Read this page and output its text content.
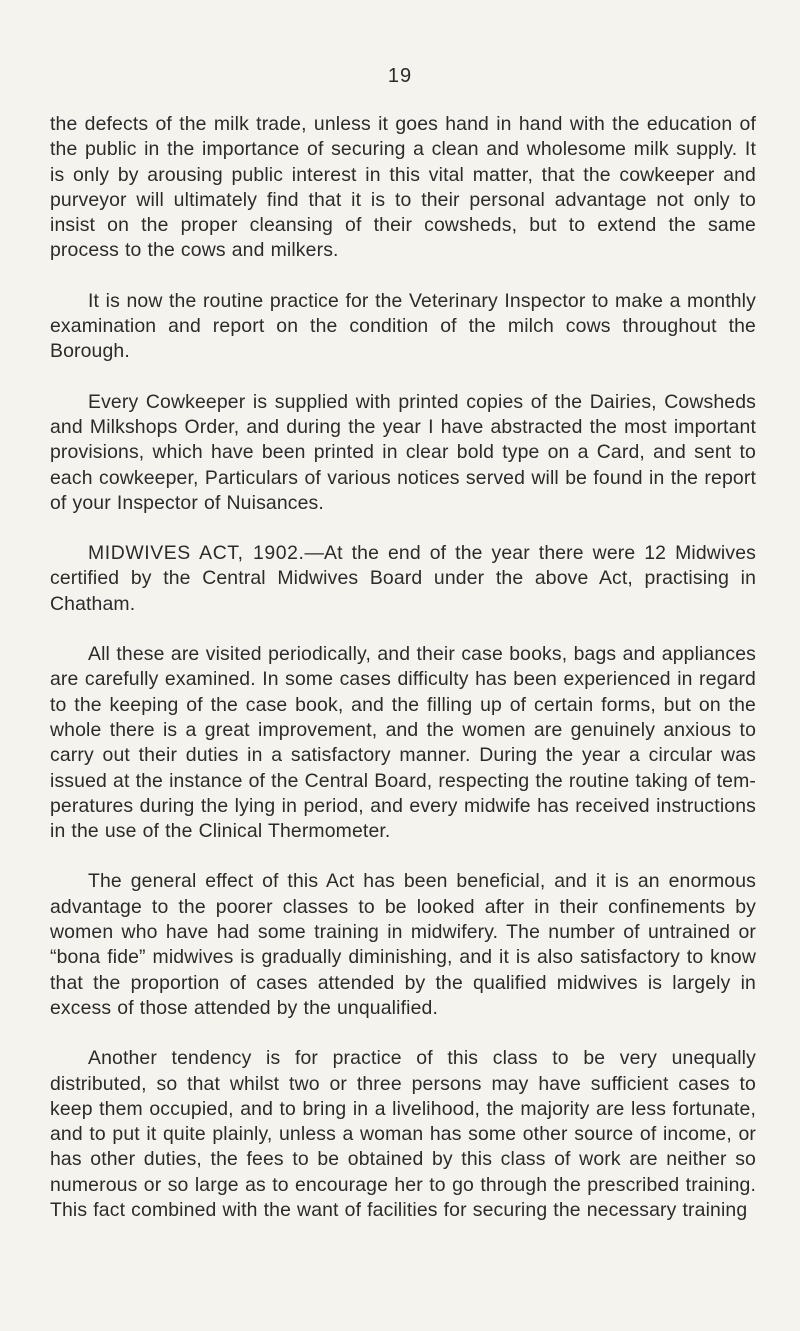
19

the defects of the milk trade, unless it goes hand in hand with the education of the public in the importance of securing a clean and wholesome milk supply. It is only by arousing public interest in this vital matter, that the cowkeeper and purveyor will ultimately find that it is to their personal advantage not only to insist on the proper cleansing of their cowsheds, but to extend the same process to the cows and milkers.

It is now the routine practice for the Veterinary Inspector to make a monthly examination and report on the condition of the milch cows throughout the Borough.

Every Cowkeeper is supplied with printed copies of the Dairies, Cowsheds and Milkshops Order, and during the year I have abstracted the most important provisions, which have been printed in clear bold type on a Card, and sent to each cowkeeper, Particulars of various notices served will be found in the report of your Inspector of Nuisances.

MIDWIVES ACT, 1902.—At the end of the year there were 12 Midwives certified by the Central Midwives Board under the above Act, practising in Chatham.

All these are visited periodically, and their case books, bags and appliances are carefully examined. In some cases difficulty has been experienced in regard to the keeping of the case book, and the filling up of certain forms, but on the whole there is a great improvement, and the women are genuinely anxious to carry out their duties in a satisfactory manner. During the year a circular was issued at the instance of the Central Board, respecting the routine taking of tem- peratures during the lying in period, and every midwife has received instructions in the use of the Clinical Thermometer.

The general effect of this Act has been beneficial, and it is an enormous advantage to the poorer classes to be looked after in their confinements by women who have had some training in midwifery. The number of untrained or “bona fide” midwives is gradually diminishing, and it is also satisfactory to know that the proportion of cases attended by the qualified midwives is largely in excess of those attended by the unqualified.

Another tendency is for practice of this class to be very unequally distributed, so that whilst two or three persons may have sufficient cases to keep them occupied, and to bring in a livelihood, the majority are less fortunate, and to put it quite plainly, unless a woman has some other source of income, or has other duties, the fees to be obtained by this class of work are neither so numerous or so large as to encourage her to go through the prescribed training. This fact combined with the want of facilities for securing the necessary training
